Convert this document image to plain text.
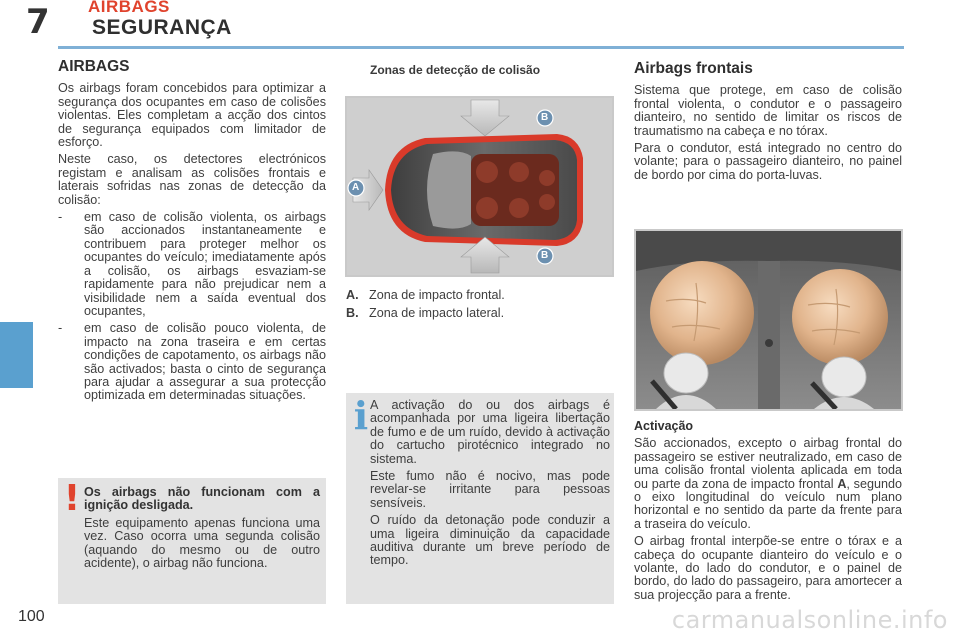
7 AIRBAGS
SEGURANÇA
AIRBAGS

Os airbags foram concebidos para optimizar a segurança dos ocupantes em caso de colisões violentas. Eles completam a acção dos cintos de segurança equipados com limitador de esforço.

Neste caso, os detectores electrónicos registam e analisam as colisões frontais e laterais sofridas nas zonas de detecção da colisão:

-	em caso de colisão violenta, os airbags são accionados instantaneamente e contribuem para proteger melhor os ocupantes do veículo; imediatamente após a colisão, os airbags esvaziam-se rapidamente para não prejudicar nem a visibilidade nem a saída eventual dos ocupantes,
-	em caso de colisão pouco violenta, de impacto na zona traseira e em certas condições de capotamento, os airbags não são activados; basta o cinto de segurança para ajudar a assegurar a sua protecção optimizada em determinadas situações.
! Os airbags não funcionam com a ignição desligada.

Este equipamento apenas funciona uma vez. Caso ocorra uma segunda colisão (aquando do mesmo ou de outro acidente), o airbag não funciona.

Zonas de detecção de colisão
A
B
B
A. Zona de impacto frontal.
B. Zona de impacto lateral.
i A activação do ou dos airbags é acompanhada por uma ligeira libertação de fumo e de um ruído, devido à activação do cartucho pirotécnico integrado no sistema.

Este fumo não é nocivo, mas pode revelar-se irritante para pessoas sensíveis.

O ruído da detonação pode conduzir a uma ligeira diminuição da capacidade auditiva durante um breve período de tempo.

Airbags frontais

Sistema que protege, em caso de colisão frontal violenta, o condutor e o passageiro dianteiro, no sentido de limitar os riscos de traumatismo na cabeça e no tórax.

Para o condutor, está integrado no centro do volante; para o passageiro dianteiro, no painel de bordo por cima do porta-luvas.

Activação

São accionados, excepto o airbag frontal do passageiro se estiver neutralizado, em caso de uma colisão frontal violenta aplicada em toda ou parte da zona de impacto frontal A, segundo o eixo longitudinal do veículo num plano horizontal e no sentido da parte da frente para a traseira do veículo.

O airbag frontal interpõe-se entre o tórax e a cabeça do ocupante dianteiro do veículo e o volante, do lado do condutor, e o painel de bordo, do lado do passageiro, para amortecer a sua projecção para a frente.

100	carmanualsonline.info
